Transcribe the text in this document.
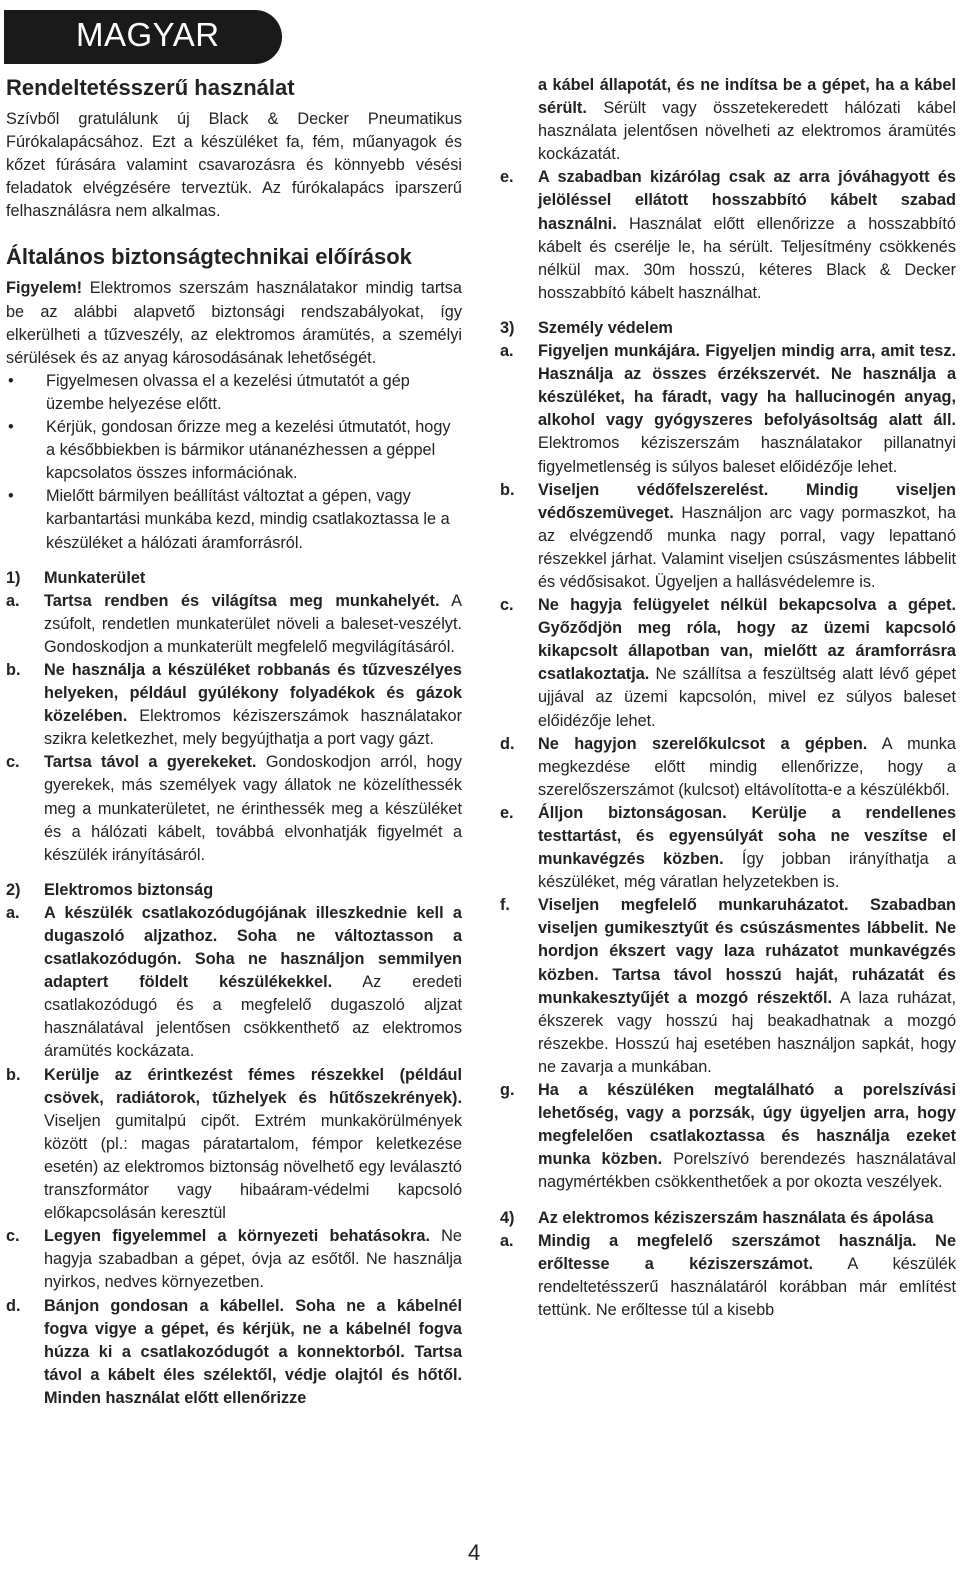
MAGYAR
Rendeltetésszerű használat

Szívből gratulálunk új Black & Decker Pneumatikus Fúrókalapácsához. Ezt a készüléket fa, fém, műanyagok és kőzet fúrására valamint csavarozásra és könnyebb vésési feladatok elvégzésére terveztük. Az fúrókalapács iparszerű felhasználásra nem alkalmas.

Általános biztonságtechnikai előírások

Figyelem! Elektromos szerszám használatakor mindig tartsa be az alábbi alapvető biztonsági rendszabályokat, így elkerülheti a tűzveszély, az elektromos áramütés, a személyi sérülések és az anyag károsodásának lehetőségét.

•	Figyelmesen olvassa el a kezelési útmutatót a gép üzembe helyezése előtt.
•	Kérjük, gondosan őrizze meg a kezelési útmutatót, hogy a későbbiekben is bármikor utánanézhessen a géppel kapcsolatos összes információnak.
•	Mielőtt bármilyen beállítást változtat a gépen, vagy karbantartási munkába kezd, mindig csatlakoztassa le a készüléket a hálózati áramforrásról.
1)	Munkaterület
a.	Tartsa rendben és világítsa meg munkahelyét. A zsúfolt, rendetlen munkaterület növeli a baleset-veszélyt. Gondoskodjon a munkaterült megfelelő megvilágításáról.
b.	Ne használja a készüléket robbanás és tűzveszélyes helyeken, például gyúlékony folyadékok és gázok közelében. Elektromos kéziszerszámok használatakor szikra keletkezhet, mely begyújthatja a port vagy gázt.
c.	Tartsa távol a gyerekeket. Gondoskodjon arról, hogy gyerekek, más személyek vagy állatok ne közelíthessék meg a munkaterületet, ne érinthessék meg a készüléket és a hálózati kábelt, továbbá elvonhatják figyelmét a készülék irányításáról.
2)	Elektromos biztonság
a.	A készülék csatlakozódugójának illeszkednie kell a dugaszoló aljzathoz. Soha ne változtasson a csatlakozódugón. Soha ne használjon semmilyen adaptert földelt készülékekkel. Az eredeti csatlakozódugó és a megfelelő dugaszoló aljzat használatával jelentősen csökkenthető az elektromos áramütés kockázata.
b.	Kerülje az érintkezést fémes részekkel (például csövek, radiátorok, tűzhelyek és hűtőszekrények). Viseljen gumitalpú cipőt. Extrém munkakörülmények között (pl.: magas páratartalom, fémpor keletkezése esetén) az elektromos biztonság növelhető egy leválasztó transzformátor vagy hibaáram-védelmi kapcsoló előkapcsolásán keresztül
c.	Legyen figyelemmel a környezeti behatásokra. Ne hagyja szabadban a gépet, óvja az esőtől. Ne használja nyirkos, nedves környezetben.
d.	Bánjon gondosan a kábellel. Soha ne a kábelnél fogva vigye a gépet, és kérjük, ne a kábelnél fogva húzza ki a csatlakozódugót a konnektorból. Tartsa távol a kábelt éles szélektől, védje olajtól és hőtől. Minden használat előtt ellenőrizze
a kábel állapotát, és ne indítsa be a gépet, ha a kábel sérült. Sérült vagy összetekeredett hálózati kábel használata jelentősen növelheti az elektromos áramütés kockázatát.
e.	A szabadban kizárólag csak az arra jóváhagyott és jelöléssel ellátott hosszabbító kábelt szabad használni. Használat előtt ellenőrizze a hosszabbító kábelt és cserélje le, ha sérült. Teljesítmény csökkenés nélkül max. 30m hosszú, kéteres Black & Decker hosszabbító kábelt használhat.
3)	Személy védelem
a.	Figyeljen munkájára. Figyeljen mindig arra, amit tesz. Használja az összes érzékszervét. Ne használja a készüléket, ha fáradt, vagy ha hallucinogén anyag, alkohol vagy gyógyszeres befolyásoltság alatt áll. Elektromos kéziszerszám használatakor pillanatnyi figyelmetlenség is súlyos baleset előidézője lehet.
b.	Viseljen védőfelszerelést. Mindig viseljen védőszemüveget. Használjon arc vagy pormaszkot, ha az elvégzendő munka nagy porral, vagy lepattanó részekkel járhat. Valamint viseljen csúszásmentes lábbelit és védősisakot. Ügyeljen a hallásvédelemre is.
c.	Ne hagyja felügyelet nélkül bekapcsolva a gépet. Győződjön meg róla, hogy az üzemi kapcsoló kikapcsolt állapotban van, mielőtt az áramforrásra csatlakoztatja. Ne szállítsa a feszültség alatt lévő gépet ujjával az üzemi kapcsolón, mivel ez súlyos baleset előidézője lehet.
d.	Ne hagyjon szerelőkulcsot a gépben. A munka megkezdése előtt mindig ellenőrizze, hogy a szerelőszerszámot (kulcsot) eltávolította-e a készülékből.
e.	Álljon biztonságosan. Kerülje a rendellenes testtartást, és egyensúlyát soha ne veszítse el munkavégzés közben. Így jobban irányíthatja a készüléket, még váratlan helyzetekben is.
f.	Viseljen megfelelő munkaruházatot. Szabadban viseljen gumikesztyűt és csúszásmentes lábbelit. Ne hordjon ékszert vagy laza ruházatot munkavégzés közben. Tartsa távol hosszú haját, ruházatát és munkakesztyűjét a mozgó részektől. A laza ruházat, ékszerek vagy hosszú haj beakadhatnak a mozgó részekbe. Hosszú haj esetében használjon sapkát, hogy ne zavarja a munkában.
g.	Ha a készüléken megtalálható a porelszívási lehetőség, vagy a porzsák, úgy ügyeljen arra, hogy megfelelően csatlakoztassa és használja ezeket munka közben. Porelszívó berendezés használatával nagymértékben csökkenthetőek a por okozta veszélyek.
4)	Az elektromos kéziszerszám használata és ápolása
a.	Mindig a megfelelő szerszámot használja. Ne erőltesse a kéziszerszámot. A készülék rendeltetésszerű használatáról korábban már említést tettünk. Ne erőltesse túl a kisebb
4
